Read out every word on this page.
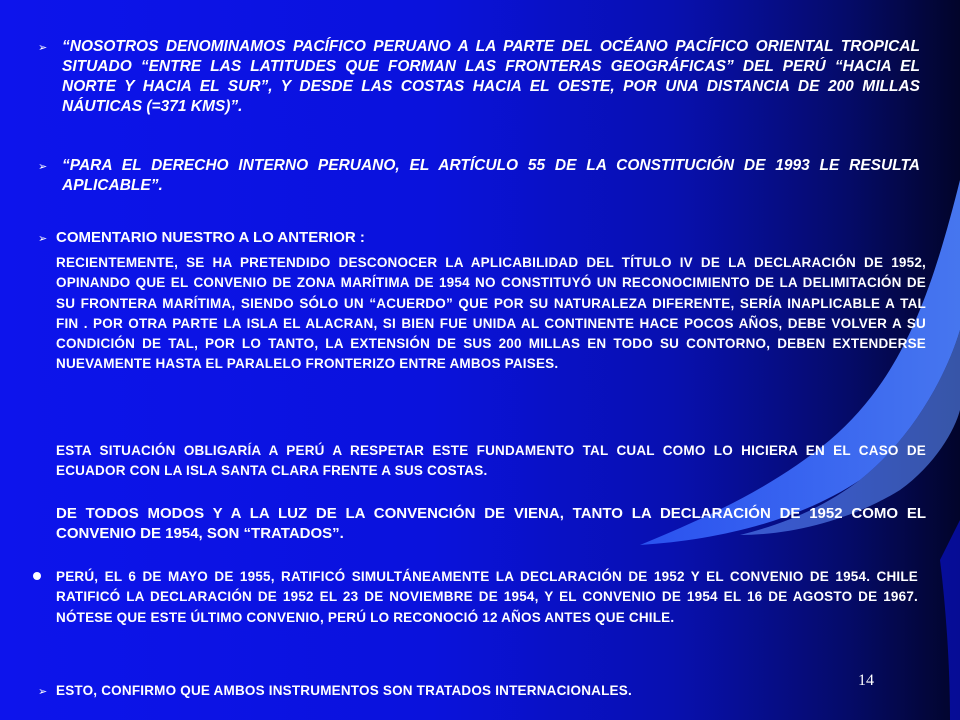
➢ “NOSOTROS DENOMINAMOS PACÍFICO PERUANO A LA PARTE DEL OCÉANO PACÍFICO ORIENTAL TROPICAL SITUADO “ENTRE LAS LATITUDES QUE FORMAN LAS FRONTERAS GEOGRÁFICAS” DEL PERÚ “HACIA EL NORTE Y HACIA EL SUR”, Y DESDE LAS COSTAS HACIA EL OESTE, POR UNA DISTANCIA DE 200 MILLAS NÁUTICAS (=371 KMS)”.

➢ “PARA EL DERECHO INTERNO PERUANO, EL ARTÍCULO 55 DE LA CONSTITUCIÓN DE 1993 LE RESULTA APLICABLE”.

➢ COMENTARIO NUESTRO A LO ANTERIOR :

RECIENTEMENTE, SE HA PRETENDIDO DESCONOCER LA APLICABILIDAD DEL TÍTULO IV DE LA DECLARACIÓN DE 1952, OPINANDO QUE EL CONVENIO DE ZONA MARÍTIMA DE 1954 NO CONSTITUYÓ UN RECONOCIMIENTO DE LA DELIMITACIÓN DE SU FRONTERA MARÍTIMA, SIENDO SÓLO UN “ACUERDO” QUE POR SU NATURALEZA DIFERENTE, SERÍA INAPLICABLE A TAL FIN . POR OTRA PARTE LA ISLA EL ALACRAN, SI BIEN FUE UNIDA AL CONTINENTE HACE POCOS AÑOS, DEBE VOLVER A SU CONDICIÓN DE TAL, POR LO TANTO, LA EXTENSIÓN DE SUS 200 MILLAS EN TODO SU CONTORNO, DEBEN EXTENDERSE NUEVAMENTE HASTA EL PARALELO FRONTERIZO ENTRE AMBOS PAISES.

ESTA SITUACIÓN OBLIGARÍA A PERÚ A RESPETAR ESTE FUNDAMENTO TAL CUAL COMO LO HICIERA EN EL CASO DE ECUADOR CON LA ISLA SANTA CLARA FRENTE A SUS COSTAS.

DE TODOS MODOS Y A LA LUZ DE LA CONVENCIÓN DE VIENA, TANTO LA DECLARACIÓN DE 1952 COMO EL CONVENIO DE 1954, SON “TRATADOS”.

PERÚ, EL 6 DE MAYO DE 1955, RATIFICÓ SIMULTÁNEAMENTE LA DECLARACIÓN DE 1952 Y EL CONVENIO DE 1954. CHILE RATIFICÓ LA DECLARACIÓN DE 1952 EL 23 DE NOVIEMBRE DE 1954, Y EL CONVENIO DE 1954 EL 16 DE AGOSTO DE 1967. NÓTESE QUE ESTE ÚLTIMO CONVENIO, PERÚ LO RECONOCIÓ 12 AÑOS ANTES QUE CHILE.

➢ ESTO, CONFIRMO QUE AMBOS INSTRUMENTOS SON TRATADOS INTERNACIONALES.

14
